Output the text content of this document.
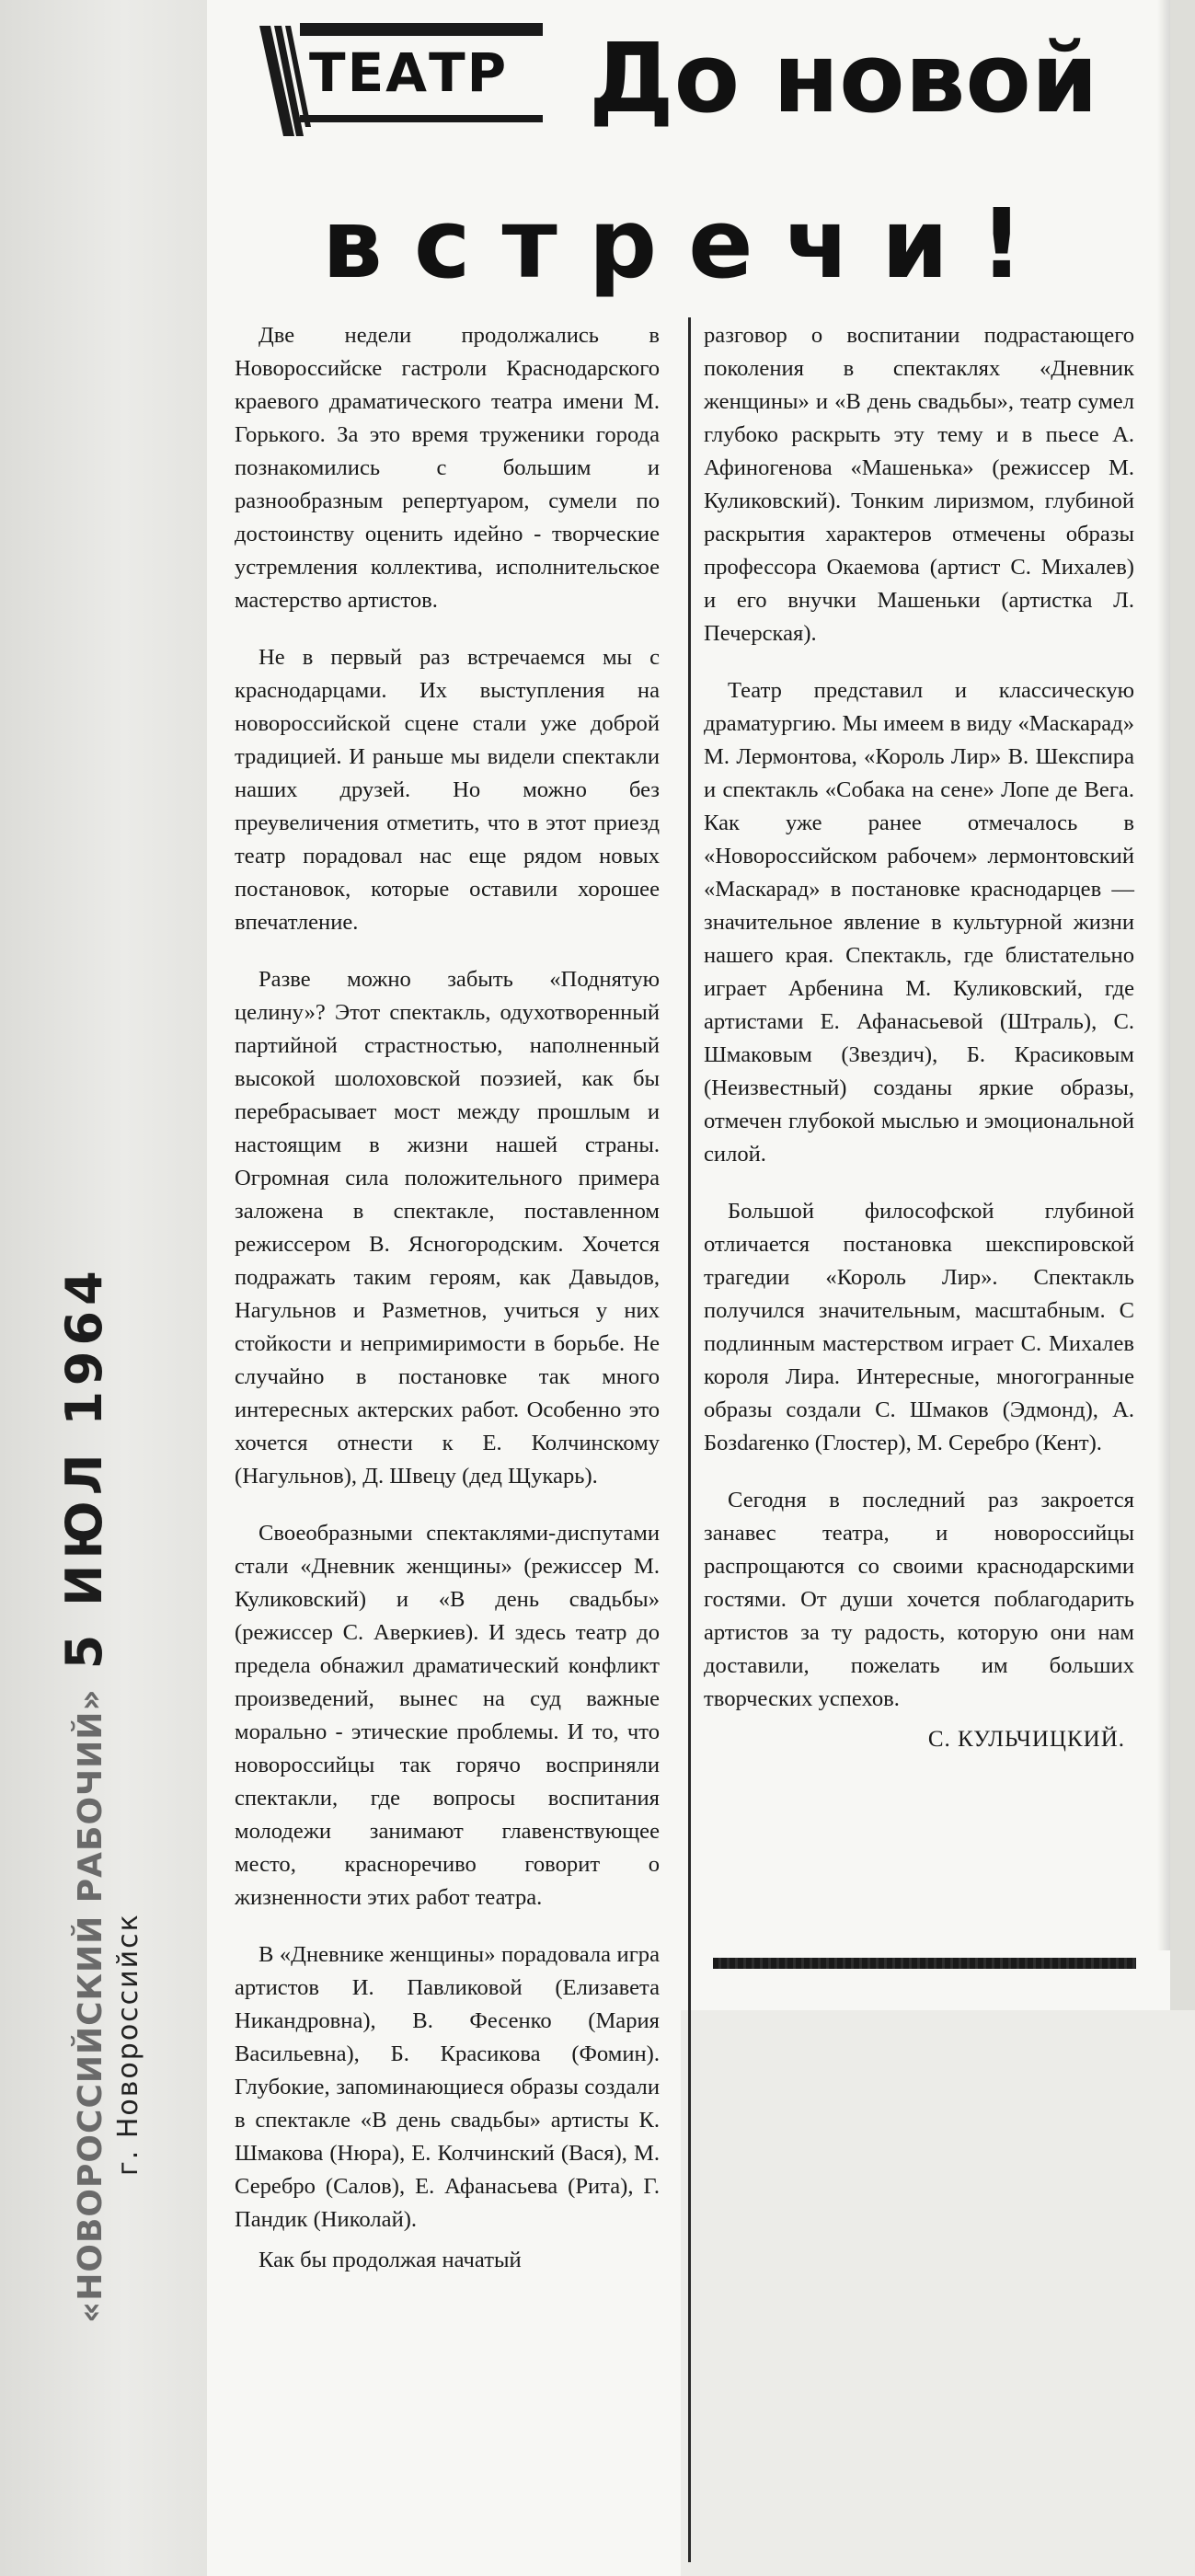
ТЕАТР До новой
встречи!

Две недели продолжались в Новороссийске гастроли Краснодарского краевого драматического театра имени М. Горького. За это время труженики города познакомились с большим и разнообразным репертуаром, сумели по достоинству оценить идейно - творческие устремления коллектива, исполнительское мастерство артистов.

Не в первый раз встречаемся мы с краснодарцами. Их выступления на новороссийской сцене стали уже доброй традицией. И раньше мы видели спектакли наших друзей. Но можно без преувеличения отметить, что в этот приезд театр порадовал нас еще рядом новых постановок, которые оставили хорошее впечатление.

Разве можно забыть «Поднятую целину»? Этот спектакль, одухотворенный партийной страстностью, наполненный высокой шолоховской поэзией, как бы перебрасывает мост между прошлым и настоящим в жизни нашей страны. Огромная сила положительного примера заложена в спектакле, поставленном режиссером В. Ясногородским. Хочется подражать таким героям, как Давыдов, Нагульнов и Разметнов, учиться у них стойкости и непримиримости в борьбе. Не случайно в постановке так много интересных актерских работ. Особенно это хочется отнести к Е. Колчинскому (Нагульнов), Д. Швецу (дед Щукарь).

Своеобразными спектаклями-диспутами стали «Дневник женщины» (режиссер М. Куликовский) и «В день свадьбы» (режиссер С. Аверкиев). И здесь театр до предела обнажил драматический конфликт произведений, вынес на суд важные морально - этические проблемы. И то, что новороссийцы так горячо восприняли спектакли, где вопросы воспитания молодежи занимают главенствующее место, красноречиво говорит о жизненности этих работ театра.

В «Дневнике женщины» порадовала игра артистов И. Павликовой (Елизавета Никандровна), В. Фесенко (Мария Васильевна), Б. Красикова (Фомин). Глубокие, запоминающиеся образы создали в спектакле «В день свадьбы» артисты К. Шмакова (Нюра), Е. Колчинский (Вася), М. Серебро (Салов), Е. Афанасьева (Рита), Г. Пандик (Николай).

Как бы продолжая начатый

разговор о воспитании подрастающего поколения в спектаклях «Дневник женщины» и «В день свадьбы», театр сумел глубоко раскрыть эту тему и в пьесе А. Афиногенова «Машенька» (режиссер М. Куликовский). Тонким лиризмом, глубиной раскрытия характеров отмечены образы профессора Окаемова (артист С. Михалев) и его внучки Машеньки (артистка Л. Печерская).

Театр представил и классическую драматургию. Мы имеем в виду «Маскарад» М. Лермонтова, «Король Лир» В. Шекспира и спектакль «Собака на сене» Лопе де Вега. Как уже ранее отмечалось в «Новороссийском рабочем» лермонтовский «Маскарад» в постановке краснодарцев — значительное явление в культурной жизни нашего края. Спектакль, где блистательно играет Арбенина М. Куликовский, где артистами Е. Афанасьевой (Штраль), С. Шмаковым (Звездич), Б. Красиковым (Неизвестный) созданы яркие образы, отмечен глубокой мыслью и эмоциональной силой.

Большой философской глубиной отличается постановка шекспировской трагедии «Король Лир». Спектакль получился значительным, масштабным. С подлинным мастерством играет С. Михалев короля Лира. Интересные, многогранные образы создали С. Шмаков (Эдмонд), А. Бозdarенко (Глостер), М. Серебро (Кент).

Сегодня в последний раз закроется занавес театра, и новороссийцы распрощаются со своими краснодарскими гостями. От души хочется поблагодарить артистов за ту радость, которую они нам доставили, пожелать им больших творческих успехов.

С. КУЛЬЧИЦКИЙ.
«НОВОРОССИЙСКИЙ РАБОЧИЙ» 5 ИЮЛ 1964
г. Новороссийск
